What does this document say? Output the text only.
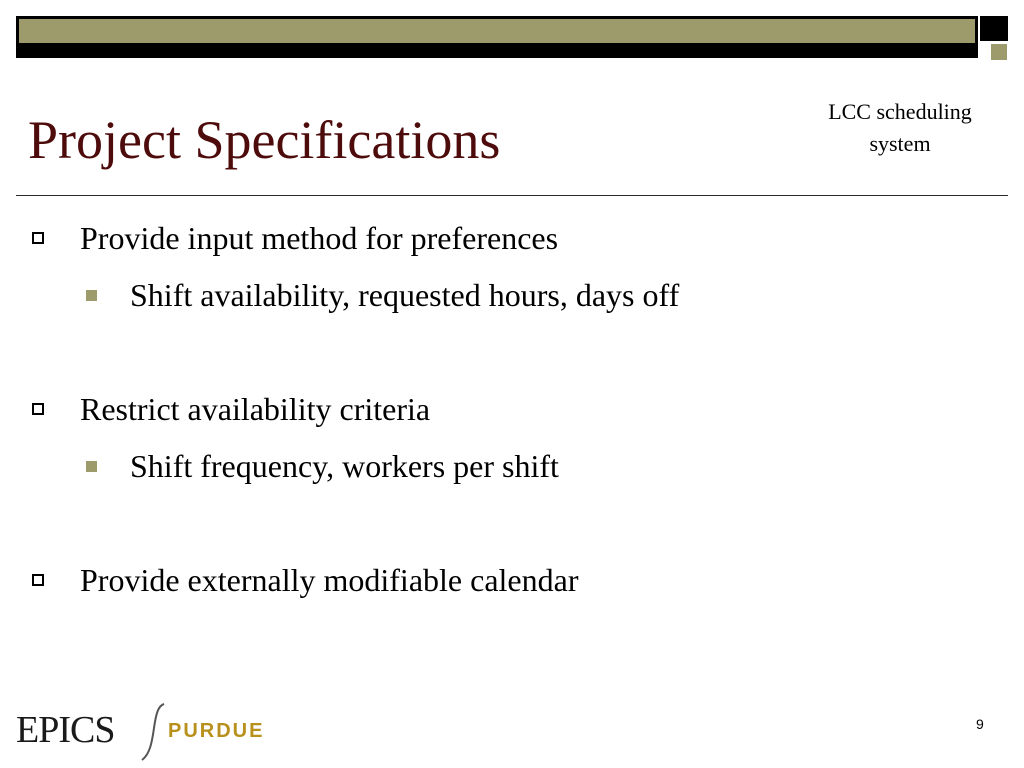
Project Specifications	LCC scheduling
system
Provide input method for preferences
Shift availability, requested hours, days off
Restrict availability criteria
Shift frequency, workers per shift
Provide externally modifiable calendar
EPICS	PURDUE	9
